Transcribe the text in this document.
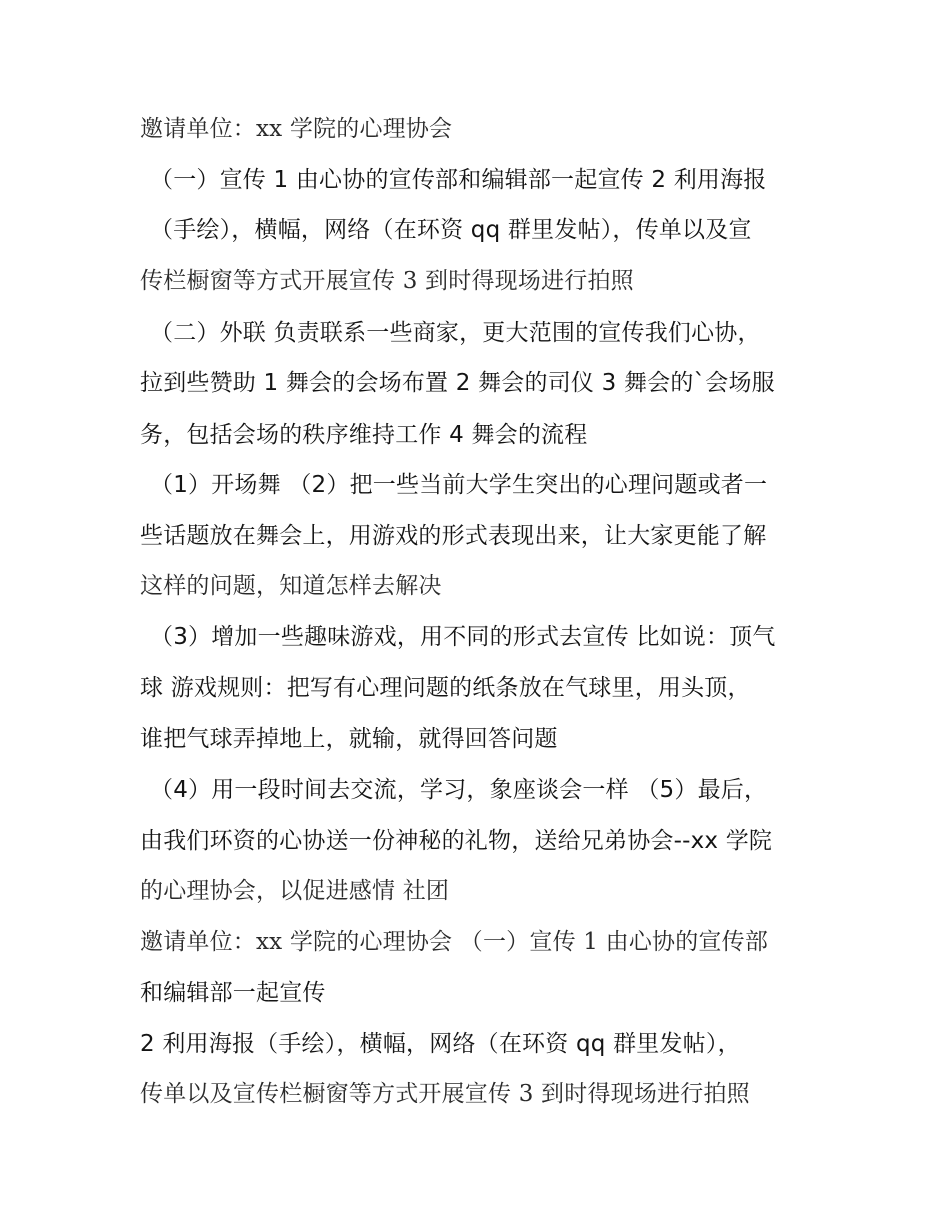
邀请单位：xx 学院的心理协会
（一）宣传 1 由心协的宣传部和编辑部一起宣传 2 利用海报
（手绘），横幅，网络（在环资 qq 群里发帖），传单以及宣
传栏橱窗等方式开展宣传 3 到时得现场进行拍照
（二）外联 负责联系一些商家，更大范围的宣传我们心协，
拉到些赞助 1 舞会的会场布置 2 舞会的司仪 3 舞会的`会场服
务，包括会场的秩序维持工作 4 舞会的流程
（1）开场舞 （2）把一些当前大学生突出的心理问题或者一
些话题放在舞会上，用游戏的形式表现出来，让大家更能了解
这样的问题，知道怎样去解决
（3）增加一些趣味游戏，用不同的形式去宣传 比如说：顶气
球 游戏规则：把写有心理问题的纸条放在气球里，用头顶，
谁把气球弄掉地上，就输，就得回答问题
（4）用一段时间去交流，学习，象座谈会一样 （5）最后，
由我们环资的心协送一份神秘的礼物，送给兄弟协会--xx 学院
的心理协会，以促进感情 社团
邀请单位：xx 学院的心理协会 （一）宣传 1 由心协的宣传部
和编辑部一起宣传
2 利用海报（手绘），横幅，网络（在环资 qq 群里发帖），
传单以及宣传栏橱窗等方式开展宣传 3 到时得现场进行拍照
